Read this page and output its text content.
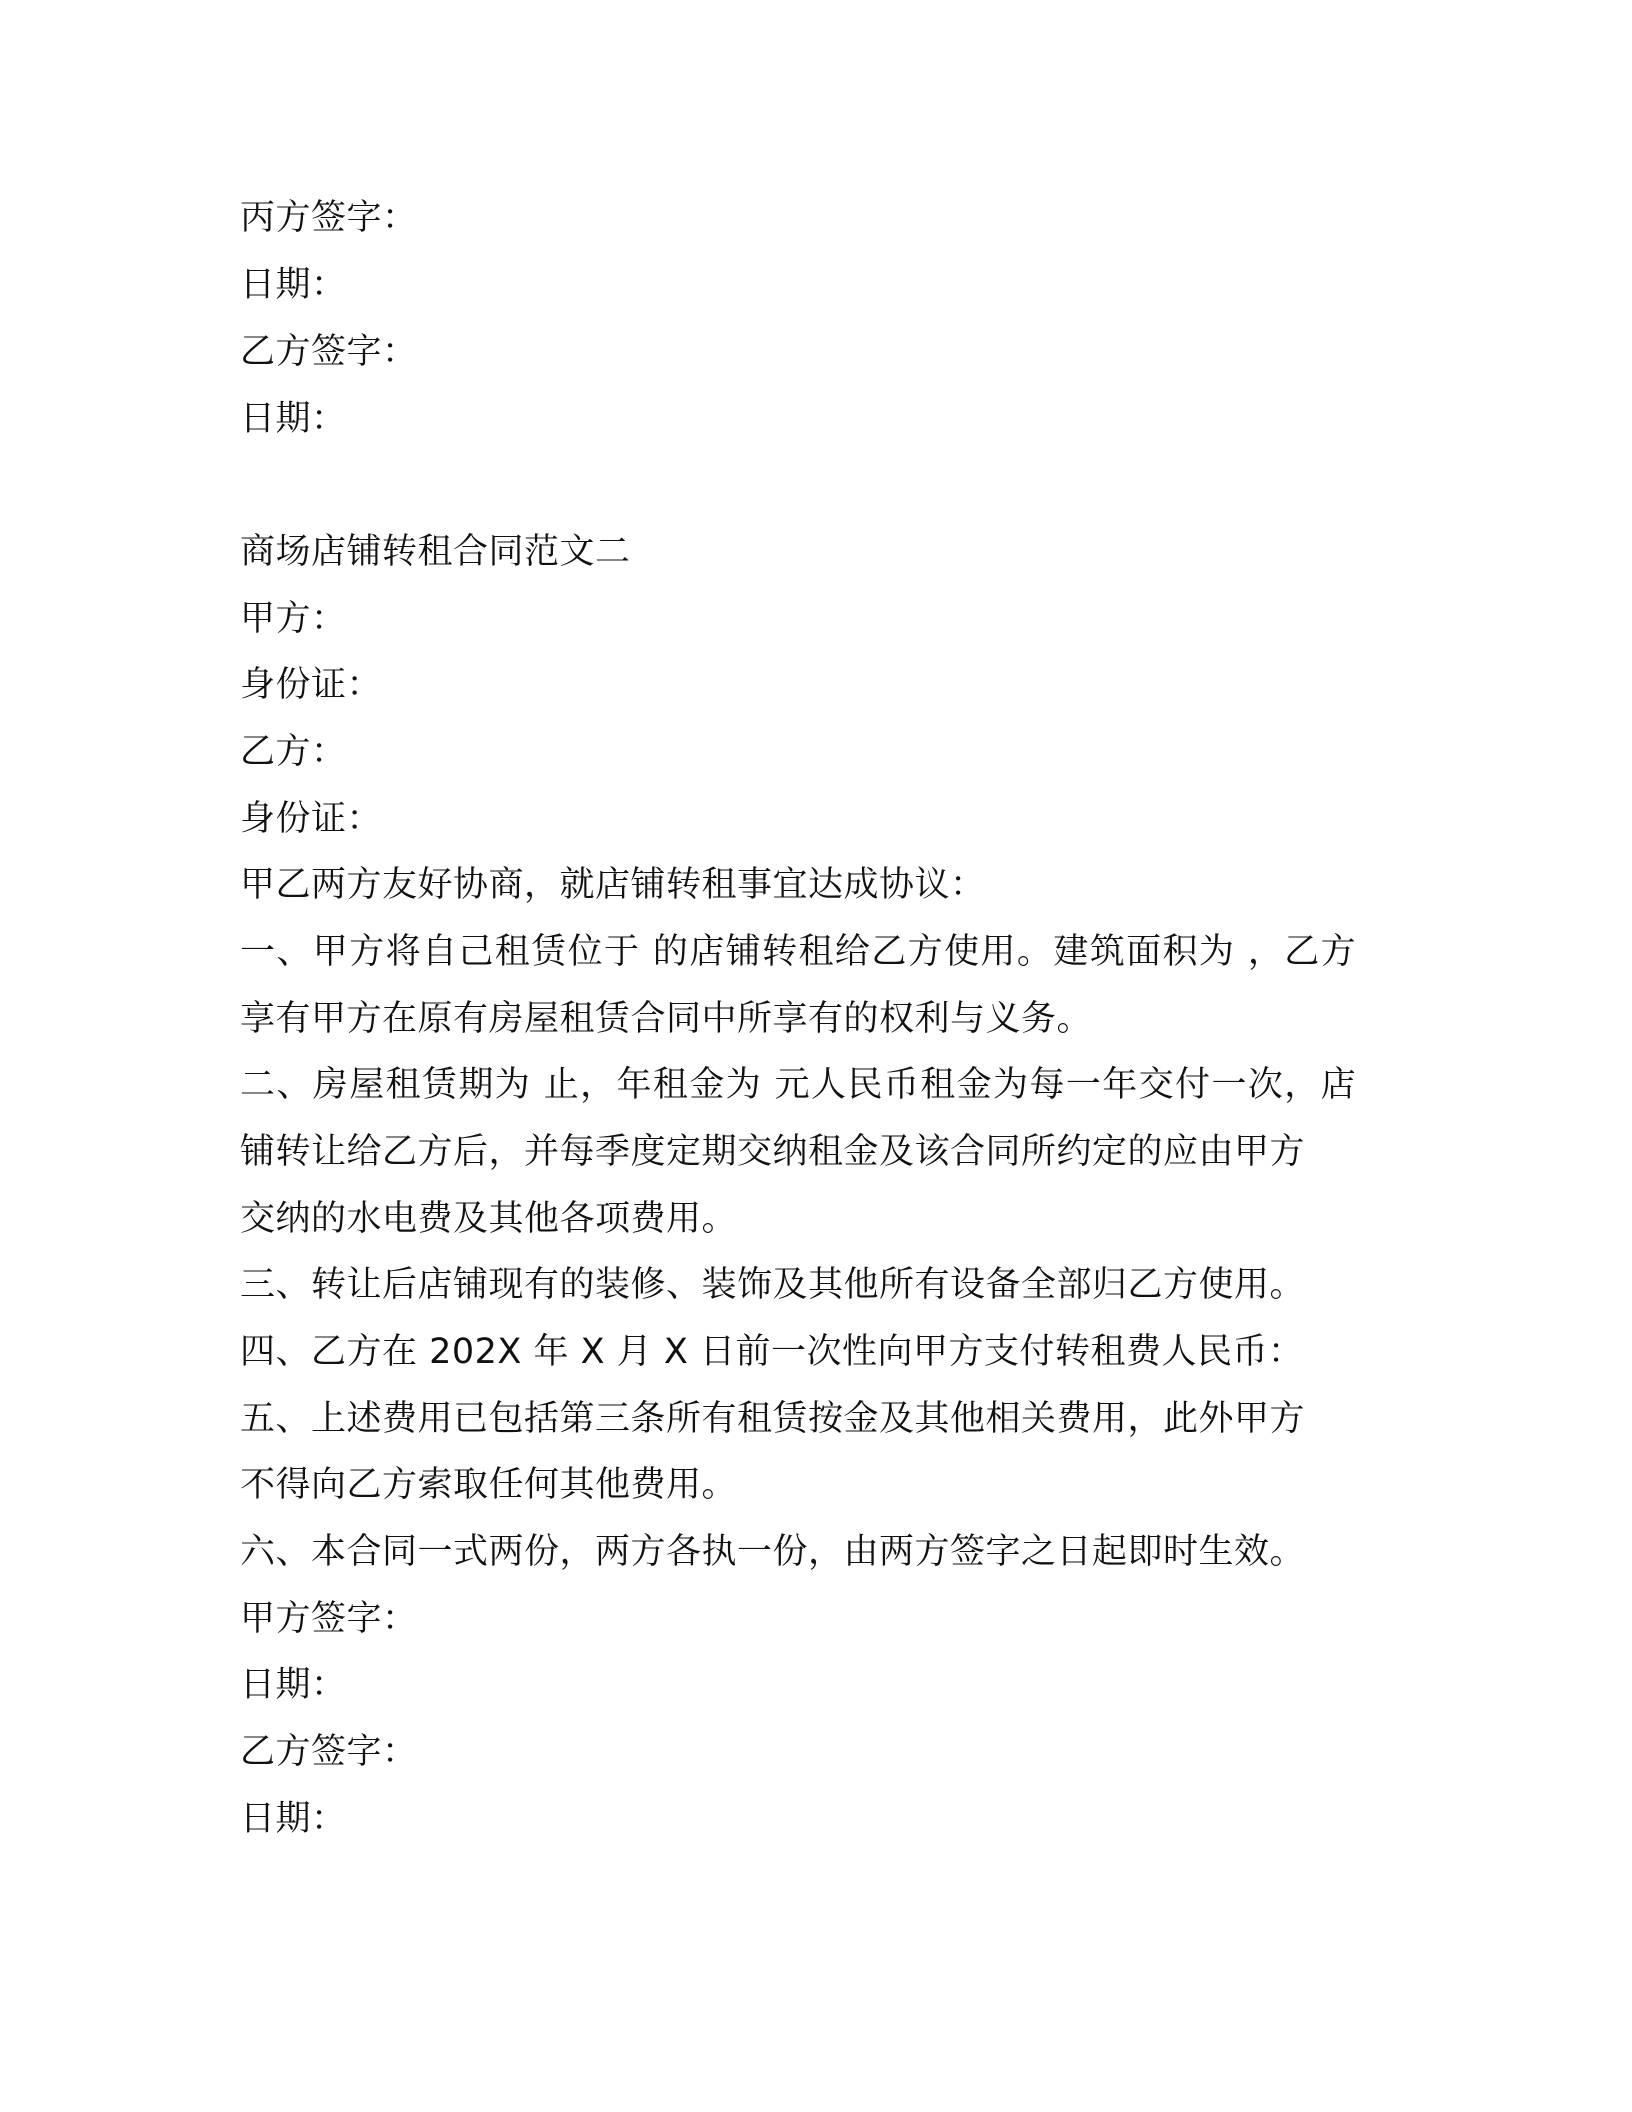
丙方签字：
日期：
乙方签字：
日期：
商场店铺转租合同范文二
甲方：
身份证：
乙方：
身份证：
甲乙两方友好协商，就店铺转租事宜达成协议：
一、甲方将自己租赁位于 的店铺转租给乙方使用。建筑面积为 ，乙方
享有甲方在原有房屋租赁合同中所享有的权利与义务。
二、房屋租赁期为 止，年租金为 元人民币租金为每一年交付一次，店
铺转让给乙方后，并每季度定期交纳租金及该合同所约定的应由甲方
交纳的水电费及其他各项费用。
三、转让后店铺现有的装修、装饰及其他所有设备全部归乙方使用。
四、乙方在 202X 年 X 月 X 日前一次性向甲方支付转租费人民币：
五、上述费用已包括第三条所有租赁按金及其他相关费用，此外甲方
不得向乙方索取任何其他费用。
六、本合同一式两份，两方各执一份，由两方签字之日起即时生效。
甲方签字：
日期：
乙方签字：
日期：
